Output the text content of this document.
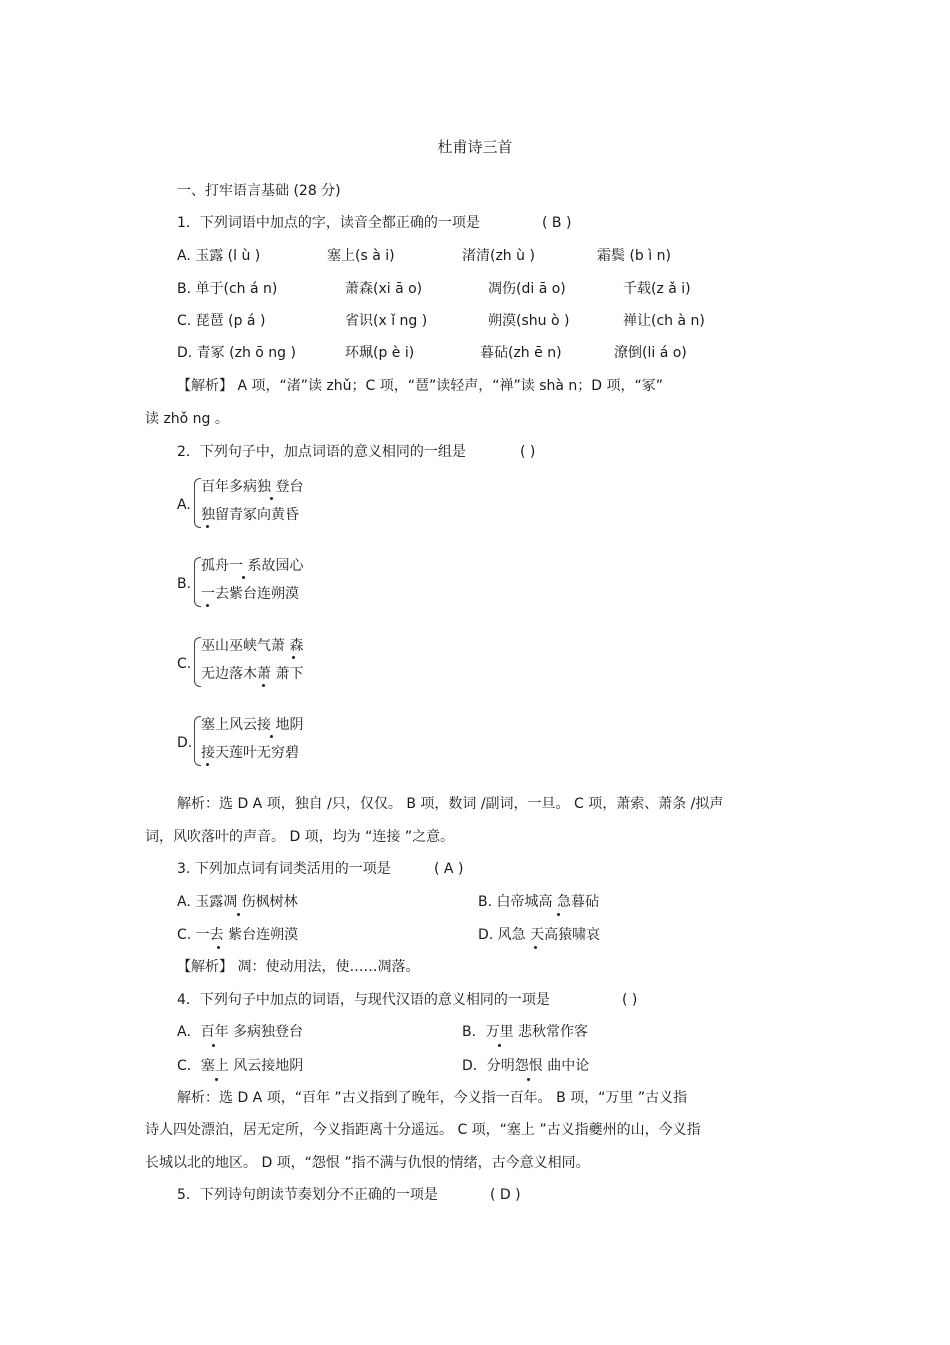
杜甫诗三首
一、打牢语言基础 (28 分)
1．下列词语中加点的字，读音全都正确的一项是	( B )
A. 玉露 (l ù )	塞上(s à i)	渚清(zh ù )	霜鬓 (b ì n)
B. 单于(ch á n)	萧森(xi ā o)	凋伤(di ā o)	千载(z ǎ i)
C. 琵琶 (p á )	省识(x ǐ ng )	朔漠(shu ò )	禅让(ch à n)
D. 青冢 (zh ō ng )	环珮(p è i)	暮砧(zh ē n)	潦倒(li á o)
【解析】 A 项，“渚”读 zhǔ；C 项，“琶”读轻声，“禅”读 shà n；D 项，“冢”
读 zhǒ ng 。
2．下列句子中，加点词语的意义相同的一组是	( )
A.
百年多病独 登台
独留青冢向黄昏
B.
孤舟一 系故园心
一去紫台连朔漠
C.
巫山巫峡气萧 森
无边落木萧 萧下
D.
塞上风云接 地阴
接天莲叶无穷碧
解析：选 D A 项，独自 /只，仅仅。 B 项，数词 /副词，一旦。 C 项，萧索、萧条 /拟声
词，风吹落叶的声音。 D 项，均为 “连接 ”之意。
3. 下列加点词有词类活用的一项是	( A )
A. 玉露凋 伤枫树林	B. 白帝城高 急暮砧
C. 一去 紫台连朔漠	D. 风急 天高猿啸哀
【解析】 凋：使动用法，使……凋落。
4．下列句子中加点的词语，与现代汉语的意义相同的一项是	( )
A．百年 多病独登台	B．万里 悲秋常作客
C．塞上 风云接地阴	D．分明怨恨 曲中论
解析：选 D A 项，“百年 ”古义指到了晚年，今义指一百年。 B 项，“万里 ”古义指
诗人四处漂泊，居无定所，今义指距离十分遥远。 C 项，“塞上 ”古义指夔州的山，今义指
长城以北的地区。 D 项，“怨恨 ”指不满与仇恨的情绪，古今意义相同。
5．下列诗句朗读节奏划分不正确的一项是	( D )
